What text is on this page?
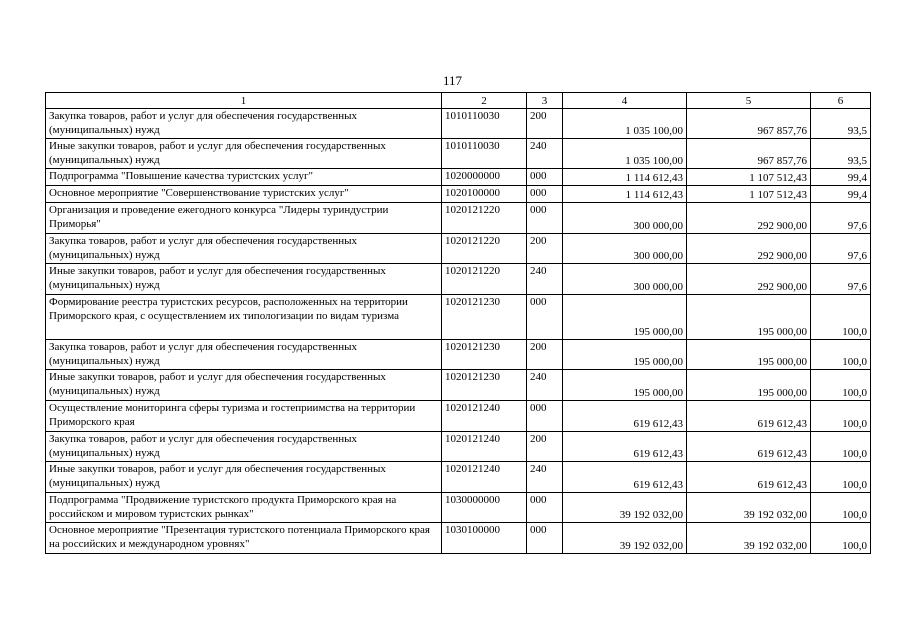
117
1	2	3	4	5	6
Закупка товаров, работ и услуг для обеспечения государственных (муниципальных) нужд	1010110030	200	1 035 100,00	967 857,76	93,5
Иные закупки товаров, работ и услуг для обеспечения государственных (муниципальных) нужд	1010110030	240	1 035 100,00	967 857,76	93,5
Подпрограмма "Повышение качества туристских услуг"	1020000000	000	1 114 612,43	1 107 512,43	99,4
Основное мероприятие "Совершенствование туристских услуг"	1020100000	000	1 114 612,43	1 107 512,43	99,4
Организация и проведение ежегодного конкурса "Лидеры туриндустрии Приморья"	1020121220	000	300 000,00	292 900,00	97,6
Закупка товаров, работ и услуг для обеспечения государственных (муниципальных) нужд	1020121220	200	300 000,00	292 900,00	97,6
Иные закупки товаров, работ и услуг для обеспечения государственных (муниципальных) нужд	1020121220	240	300 000,00	292 900,00	97,6
Формирование реестра туристских ресурсов, расположенных на территории Приморского края, с осуществлением их типологизации по видам туризма	1020121230	000	195 000,00	195 000,00	100,0
Закупка товаров, работ и услуг для обеспечения государственных (муниципальных) нужд	1020121230	200	195 000,00	195 000,00	100,0
Иные закупки товаров, работ и услуг для обеспечения государственных (муниципальных) нужд	1020121230	240	195 000,00	195 000,00	100,0
Осуществление мониторинга сферы туризма и гостеприимства на территории Приморского края	1020121240	000	619 612,43	619 612,43	100,0
Закупка товаров, работ и услуг для обеспечения государственных (муниципальных) нужд	1020121240	200	619 612,43	619 612,43	100,0
Иные закупки товаров, работ и услуг для обеспечения государственных (муниципальных) нужд	1020121240	240	619 612,43	619 612,43	100,0
Подпрограмма "Продвижение туристского продукта Приморского края на российском и мировом туристских рынках"	1030000000	000	39 192 032,00	39 192 032,00	100,0
Основное мероприятие "Презентация туристского потенциала Приморского края на российских и международном уровнях"	1030100000	000	39 192 032,00	39 192 032,00	100,0
